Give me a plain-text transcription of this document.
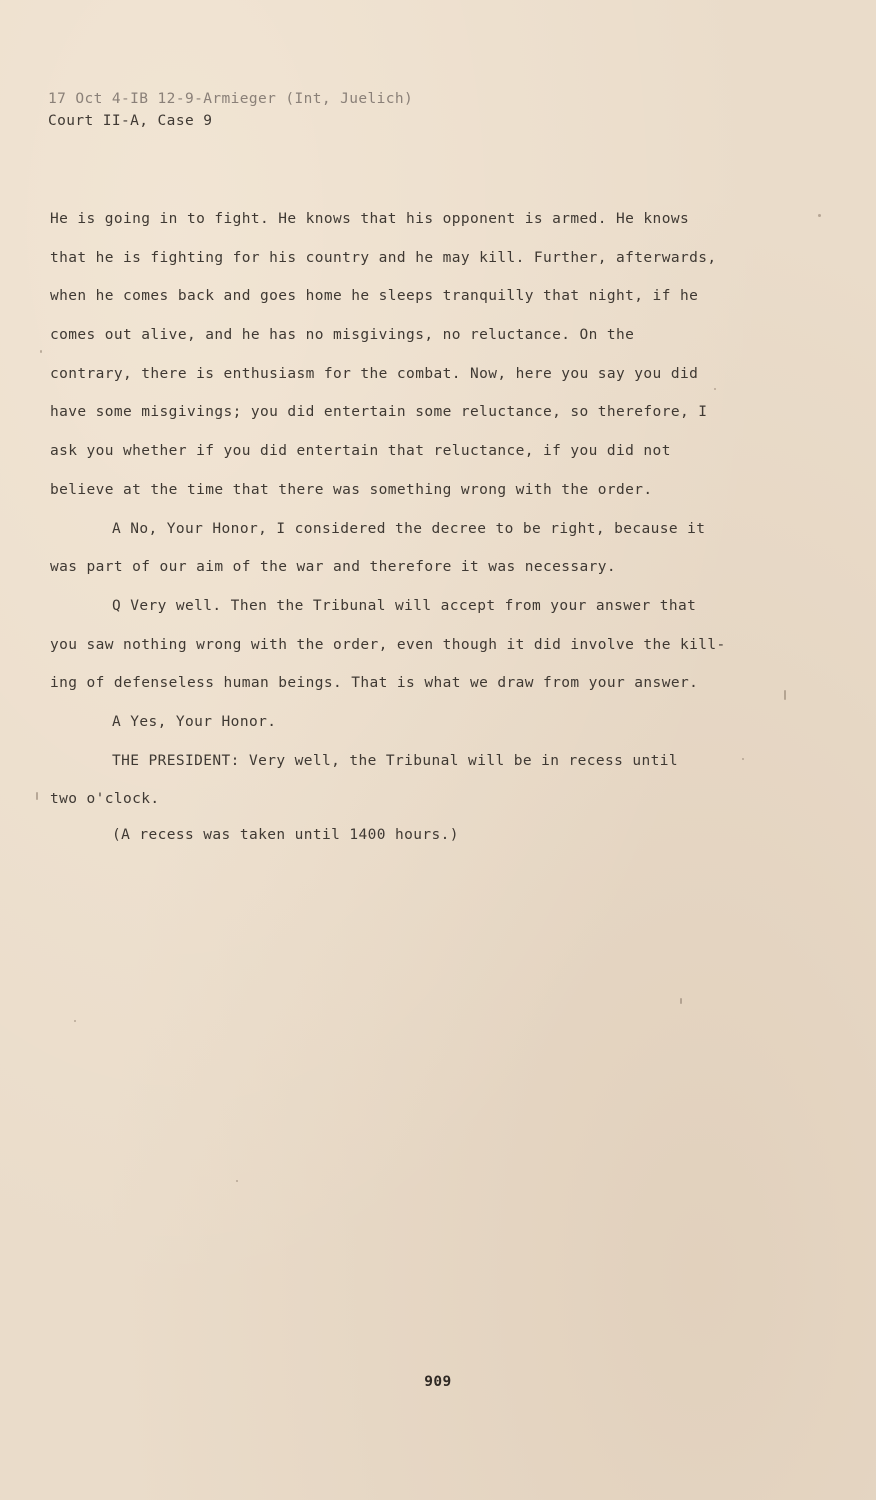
17 Oct 4-IB 12-9-Armieger (Int, Juelich)
Court II-A, Case 9
He is going in to fight. He knows that his opponent is armed. He knows
that he is fighting for his country and he may kill. Further, afterwards,
when he comes back and goes home he sleeps tranquilly that night, if he
comes out alive, and he has no misgivings, no reluctance. On the
contrary, there is enthusiasm for the combat. Now, here you say you did
have some misgivings; you did entertain some reluctance, so therefore, I
ask you whether if you did entertain that reluctance, if you did not
believe at the time that there was something wrong with the order.
A No, Your Honor, I considered the decree to be right, because it
was part of our aim of the war and therefore it was necessary.
Q Very well. Then the Tribunal will accept from your answer that
you saw nothing wrong with the order, even though it did involve the kill-
ing of defenseless human beings. That is what we draw from your answer.
A Yes, Your Honor.
THE PRESIDENT: Very well, the Tribunal will be in recess until
two o'clock.
(A recess was taken until 1400 hours.)
909
